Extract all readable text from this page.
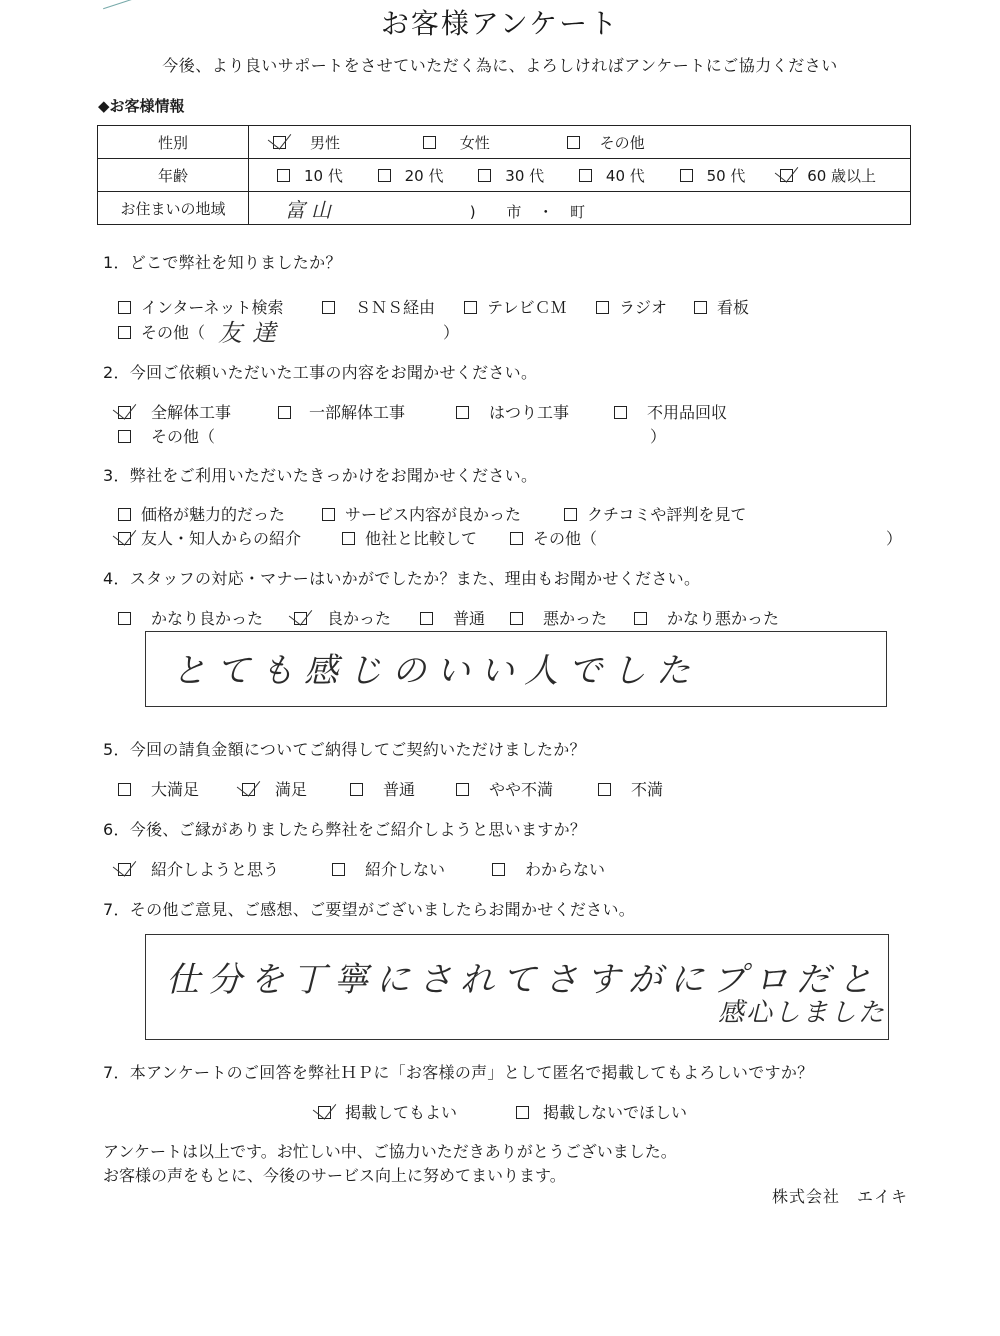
お客様アンケート
今後、より良いサポートをさせていただく為に、よろしければアンケートにご協力ください
◆お客様情報
性別	男性 女性 その他
年齢	10 代 20 代 30 代 40 代 50 代 60 歳以上
お住まいの地域	富山 ) 市 ・ 町
1．どこで弊社を知りましたか？
インターネット検索	ＳＮＳ経由	テレビＣＭ	ラジオ	看板
その他（ 友達	）
2．今回ご依頼いただいた工事の内容をお聞かせください。
全解体工事	一部解体工事	はつり工事	不用品回収
その他（	）
3．弊社をご利用いただいたきっかけをお聞かせください。
価格が魅力的だった	サービス内容が良かった	クチコミや評判を見て
友人・知人からの紹介	他社と比較して	その他（	）
4．スタッフの対応・マナーはいかがでしたか？また、理由もお聞かせください。
かなり良かった	良かった	普通	悪かった	かなり悪かった
とても感じのいい人でした
5．今回の請負金額についてご納得してご契約いただけましたか？
大満足	満足	普通	やや不満	不満
6．今後、ご縁がありましたら弊社をご紹介しようと思いますか？
紹介しようと思う	紹介しない	わからない
7．その他ご意見、ご感想、ご要望がございましたらお聞かせください。
仕分を丁寧にされてさすがにプロだと
感心しました
7．本アンケートのご回答を弊社ＨＰに「お客様の声」として匿名で掲載してもよろしいですか？
掲載してもよい	掲載しないでほしい
アンケートは以上です。お忙しい中、ご協力いただきありがとうございました。
お客様の声をもとに、今後のサービス向上に努めてまいります。
株式会社　エイキ
